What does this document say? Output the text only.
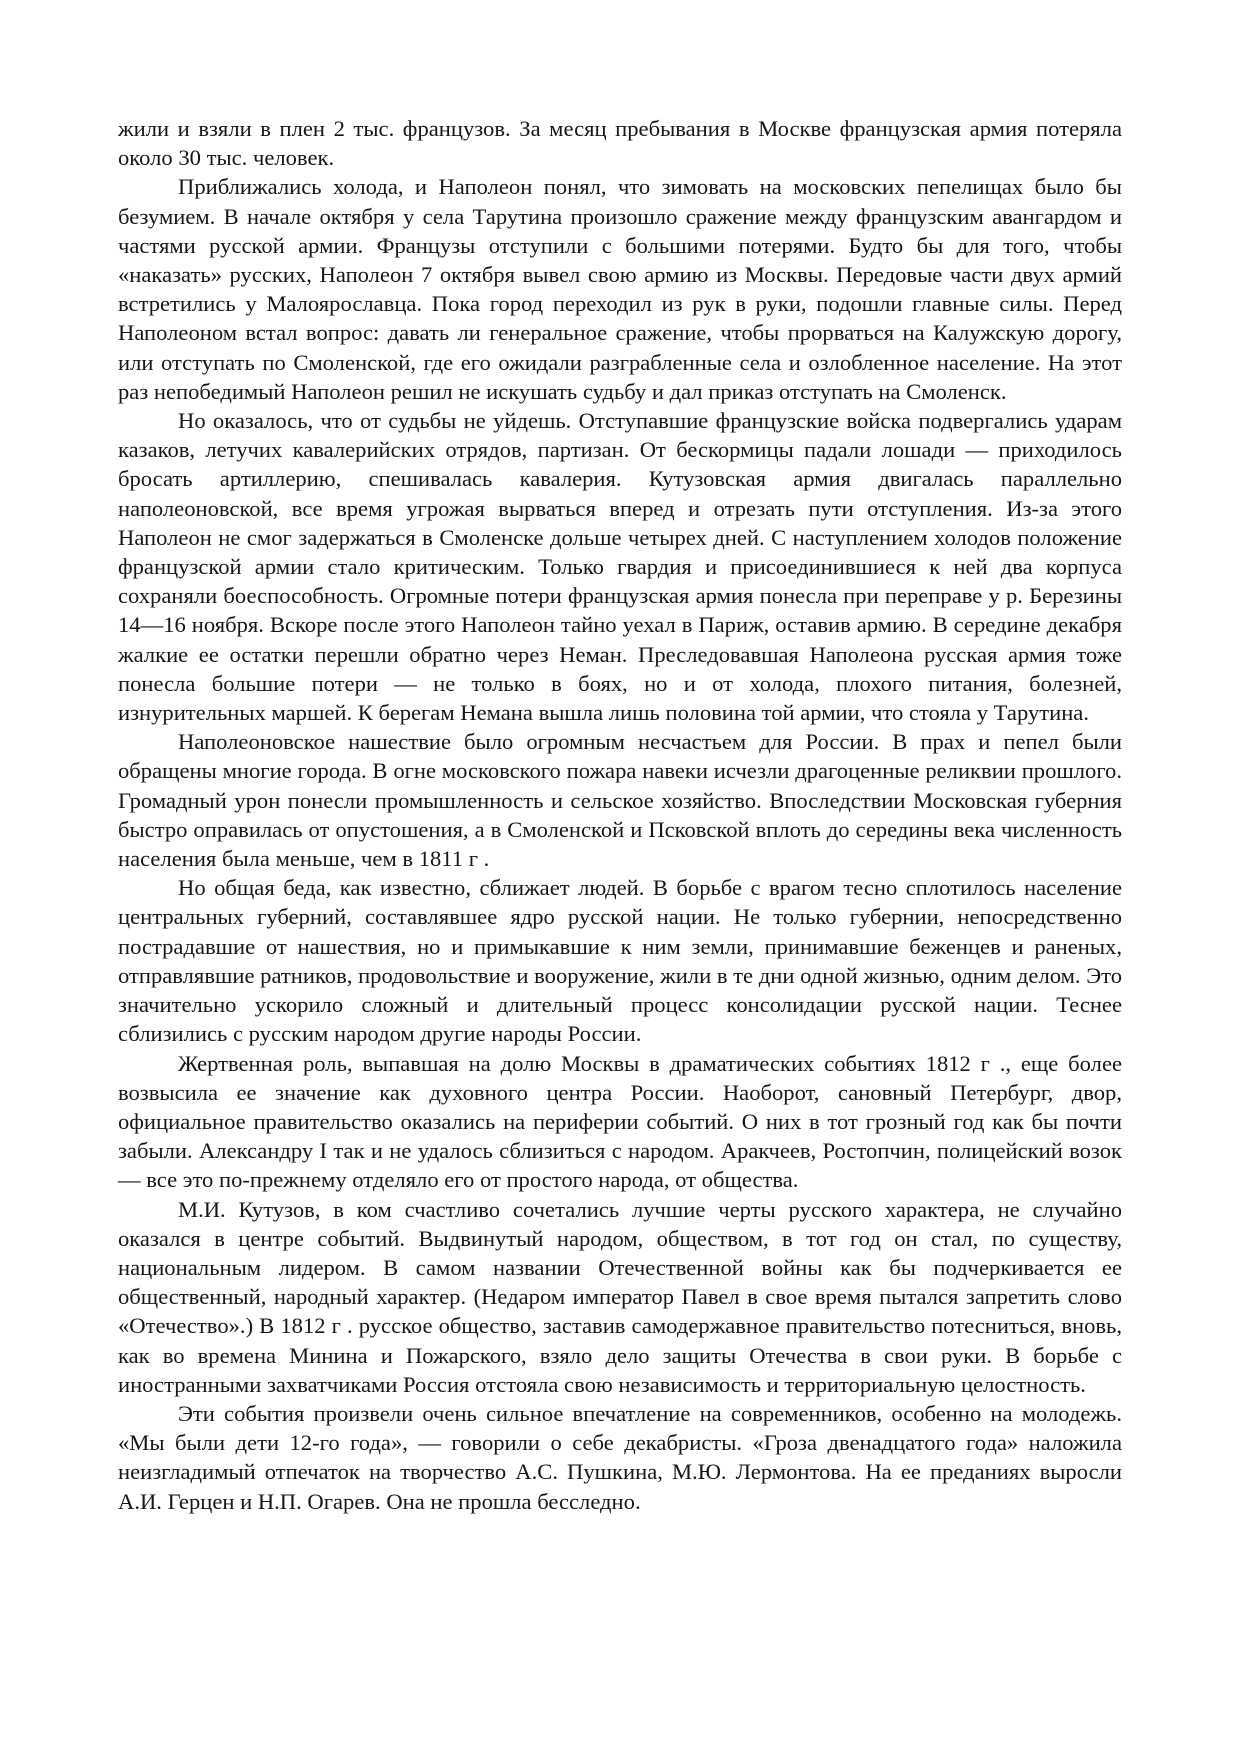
жили и взяли в плен 2 тыс. французов. За месяц пребывания в Москве французская армия потеряла около 30 тыс. человек.

Приближались холода, и Наполеон понял, что зимовать на московских пепелищах было бы безумием. В начале октября у села Тарутина произошло сражение между французским авангардом и частями русской армии. Французы отступили с большими потерями. Будто бы для того, чтобы «наказать» русских, Наполеон 7 октября вывел свою армию из Москвы. Передовые части двух армий встретились у Малоярославца. Пока город переходил из рук в руки, подошли главные силы. Перед Наполеоном встал вопрос: давать ли генеральное сражение, чтобы прорваться на Калужскую дорогу, или отступать по Смоленской, где его ожидали разграбленные села и озлобленное население. На этот раз непобедимый Наполеон решил не искушать судьбу и дал приказ отступать на Смоленск.

Но оказалось, что от судьбы не уйдешь. Отступавшие французские войска подвергались ударам казаков, летучих кавалерийских отрядов, партизан. От бескормицы падали лошади — приходилось бросать артиллерию, спешивалась кавалерия. Кутузовская армия двигалась параллельно наполеоновской, все время угрожая вырваться вперед и отрезать пути отступления. Из-за этого Наполеон не смог задержаться в Смоленске дольше четырех дней. С наступлением холодов положение французской армии стало критическим. Только гвардия и присоединившиеся к ней два корпуса сохраняли боеспособность. Огромные потери французская армия понесла при переправе у р. Березины 14—16 ноября. Вскоре после этого Наполеон тайно уехал в Париж, оставив армию. В середине декабря жалкие ее остатки перешли обратно через Неман. Преследовавшая Наполеона русская армия тоже понесла большие потери — не только в боях, но и от холода, плохого питания, болезней, изнурительных маршей. К берегам Немана вышла лишь половина той армии, что стояла у Тарутина.

Наполеоновское нашествие было огромным несчастьем для России. В прах и пепел были обращены многие города. В огне московского пожара навеки исчезли драгоценные реликвии прошлого. Громадный урон понесли промышленность и сельское хозяйство. Впоследствии Московская губерния быстро оправилась от опустошения, а в Смоленской и Псковской вплоть до середины века численность населения была меньше, чем в 1811 г .

Но общая беда, как известно, сближает людей. В борьбе с врагом тесно сплотилось население центральных губерний, составлявшее ядро русской нации. Не только губернии, непосредственно пострадавшие от нашествия, но и примыкавшие к ним земли, принимавшие беженцев и раненых, отправлявшие ратников, продовольствие и вооружение, жили в те дни одной жизнью, одним делом. Это значительно ускорило сложный и длительный процесс консолидации русской нации. Теснее сблизились с русским народом другие народы России.

Жертвенная роль, выпавшая на долю Москвы в драматических событиях 1812 г ., еще более возвысила ее значение как духовного центра России. Наоборот, сановный Петербург, двор, официальное правительство оказались на периферии событий. О них в тот грозный год как бы почти забыли. Александру I так и не удалось сблизиться с народом. Аракчеев, Ростопчин, полицейский возок — все это по-прежнему отделяло его от простого народа, от общества.

М.И. Кутузов, в ком счастливо сочетались лучшие черты русского характера, не случайно оказался в центре событий. Выдвинутый народом, обществом, в тот год он стал, по существу, национальным лидером. В самом названии Отечественной войны как бы подчеркивается ее общественный, народный характер. (Недаром император Павел в свое время пытался запретить слово «Отечество».) В 1812 г . русское общество, заставив самодержавное правительство потесниться, вновь, как во времена Минина и Пожарского, взяло дело защиты Отечества в свои руки. В борьбе с иностранными захватчиками Россия отстояла свою независимость и территориальную целостность.

Эти события произвели очень сильное впечатление на современников, особенно на молодежь. «Мы были дети 12-го года», — говорили о себе декабристы. «Гроза двенадцатого года» наложила неизгладимый отпечаток на творчество А.С. Пушкина, М.Ю. Лермонтова. На ее преданиях выросли А.И. Герцен и Н.П. Огарев. Она не прошла бесследно.
